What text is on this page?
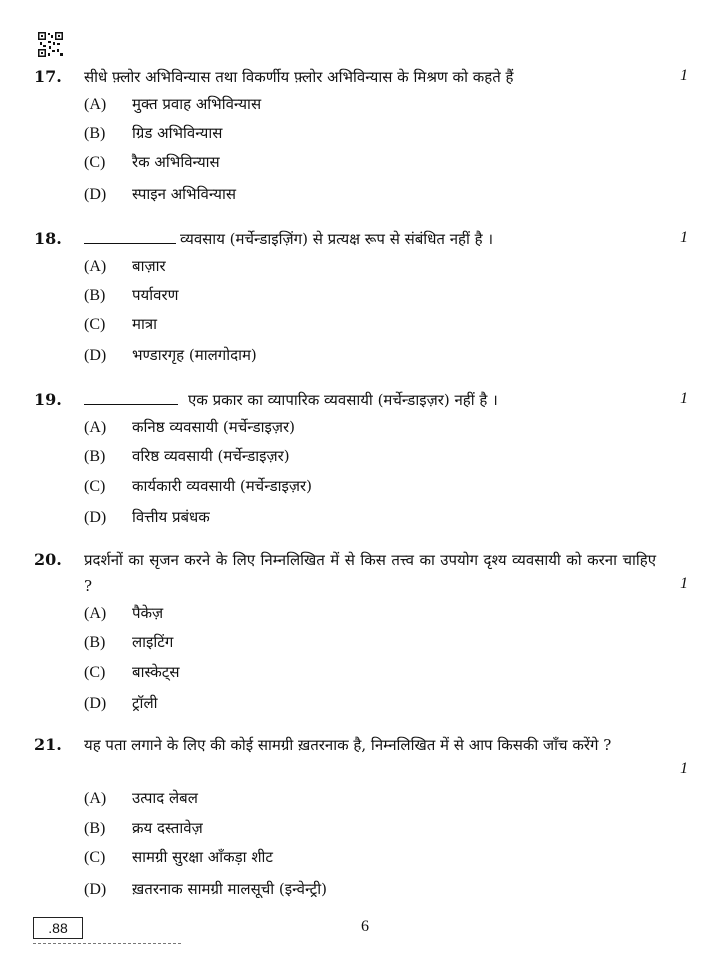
17. सीधे फ़्लोर अभिविन्यास तथा विकर्णीय फ़्लोर अभिविन्यास के मिश्रण को कहते हैं	1
(A) मुक्त प्रवाह अभिविन्यास
(B) ग्रिड अभिविन्यास
(C) रैक अभिविन्यास
(D) स्पाइन अभिविन्यास
18.	व्यवसाय (मर्चेन्डाइज़िंग) से प्रत्यक्ष रूप से संबंधित नहीं है ।	1
(A) बाज़ार
(B) पर्यावरण
(C) मात्रा
(D) भण्डारगृह (मालगोदाम)
19.	एक प्रकार का व्यापारिक व्यवसायी (मर्चेन्डाइज़र) नहीं है ।	1
(A) कनिष्ठ व्यवसायी (मर्चेन्डाइज़र)
(B) वरिष्ठ व्यवसायी (मर्चेन्डाइज़र)
(C) कार्यकारी व्यवसायी (मर्चेन्डाइज़र)
(D) वित्तीय प्रबंधक
20. प्रदर्शनों का सृजन करने के लिए निम्नलिखित में से किस तत्त्व का उपयोग दृश्य व्यवसायी को करना चाहिए ?	1
(A) पैकेज़
(B) लाइटिंग
(C) बास्केट्स
(D) ट्रॉली
21. यह पता लगाने के लिए की कोई सामग्री ख़तरनाक है, निम्नलिखित में से आप किसकी जाँच करेंगे ?
1
(A) उत्पाद लेबल
(B) क्रय दस्तावेज़
(C) सामग्री सुरक्षा आँकड़ा शीट
(D) ख़तरनाक सामग्री मालसूची (इन्वेन्ट्री)
.88	6
